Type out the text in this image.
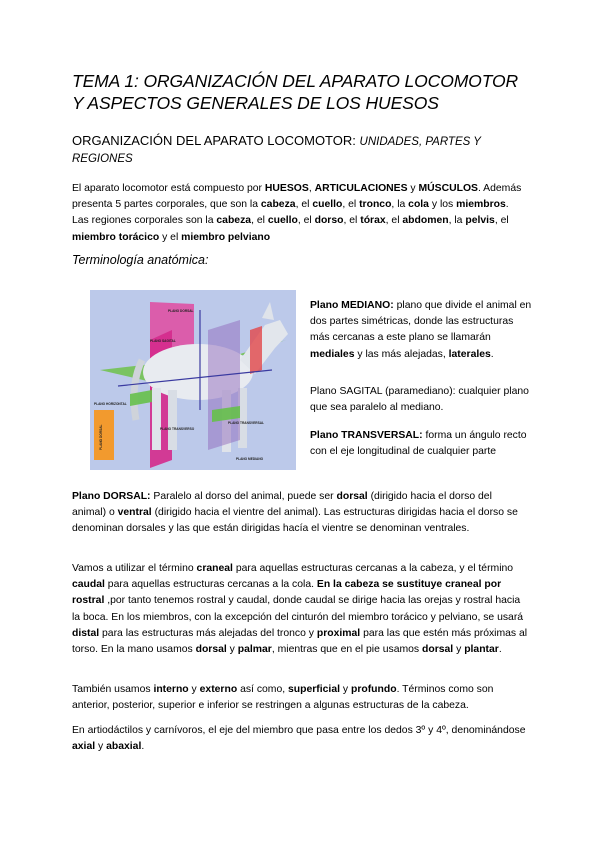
TEMA 1: ORGANIZACIÓN DEL APARATO LOCOMOTOR Y ASPECTOS GENERALES DE LOS HUESOS
ORGANIZACIÓN DEL APARATO LOCOMOTOR: UNIDADES, PARTES Y REGIONES

El aparato locomotor está compuesto por HUESOS, ARTICULACIONES y MÚSCULOS. Además presenta 5 partes corporales, que son la cabeza, el cuello, el tronco, la cola y los miembros. Las regiones corporales son la cabeza, el cuello, el dorso, el tórax, el abdomen, la pelvis, el miembro torácico y el miembro pelviano

Terminología anatómica:
PLANO DORSAL
PLANO SAGITAL
PLANO TRANSVERSAL
PLANO MEDIANO
PLANO HORIZONTAL
PLANO TRANSVERSO
PLANO DORSAL

Plano MEDIANO: plano que divide el animal en dos partes simétricas, donde las estructuras más cercanas a este plano se llamarán mediales y las más alejadas, laterales.

Plano SAGITAL (paramediano): cualquier plano que sea paralelo al mediano.

Plano TRANSVERSAL: forma un ángulo recto con el eje longitudinal de cualquier parte

Plano DORSAL: Paralelo al dorso del animal, puede ser dorsal (dirigido hacia el dorso del animal) o ventral (dirigido hacia el vientre del animal). Las estructuras dirigidas hacia el dorso se denominan dorsales y las que están dirigidas hacía el vientre se denominan ventrales.

Vamos a utilizar el término craneal para aquellas estructuras cercanas a la cabeza, y el término caudal para aquellas estructuras cercanas a la cola. En la cabeza se sustituye craneal por rostral ,por tanto tenemos rostral y caudal, donde caudal se dirige hacia las orejas y rostral hacia la boca. En los miembros, con la excepción del cinturón del miembro torácico y pelviano, se usará distal para las estructuras más alejadas del tronco y proximal para las que estén más próximas al torso. En la mano usamos dorsal y palmar, mientras que en el pie usamos dorsal y plantar.

También usamos interno y externo así como, superficial y profundo. Términos como son anterior, posterior, superior e inferior se restringen a algunas estructuras de la cabeza.

En artiodáctilos y carnívoros, el eje del miembro que pasa entre los dedos 3º y 4º, denominándose axial y abaxial.
